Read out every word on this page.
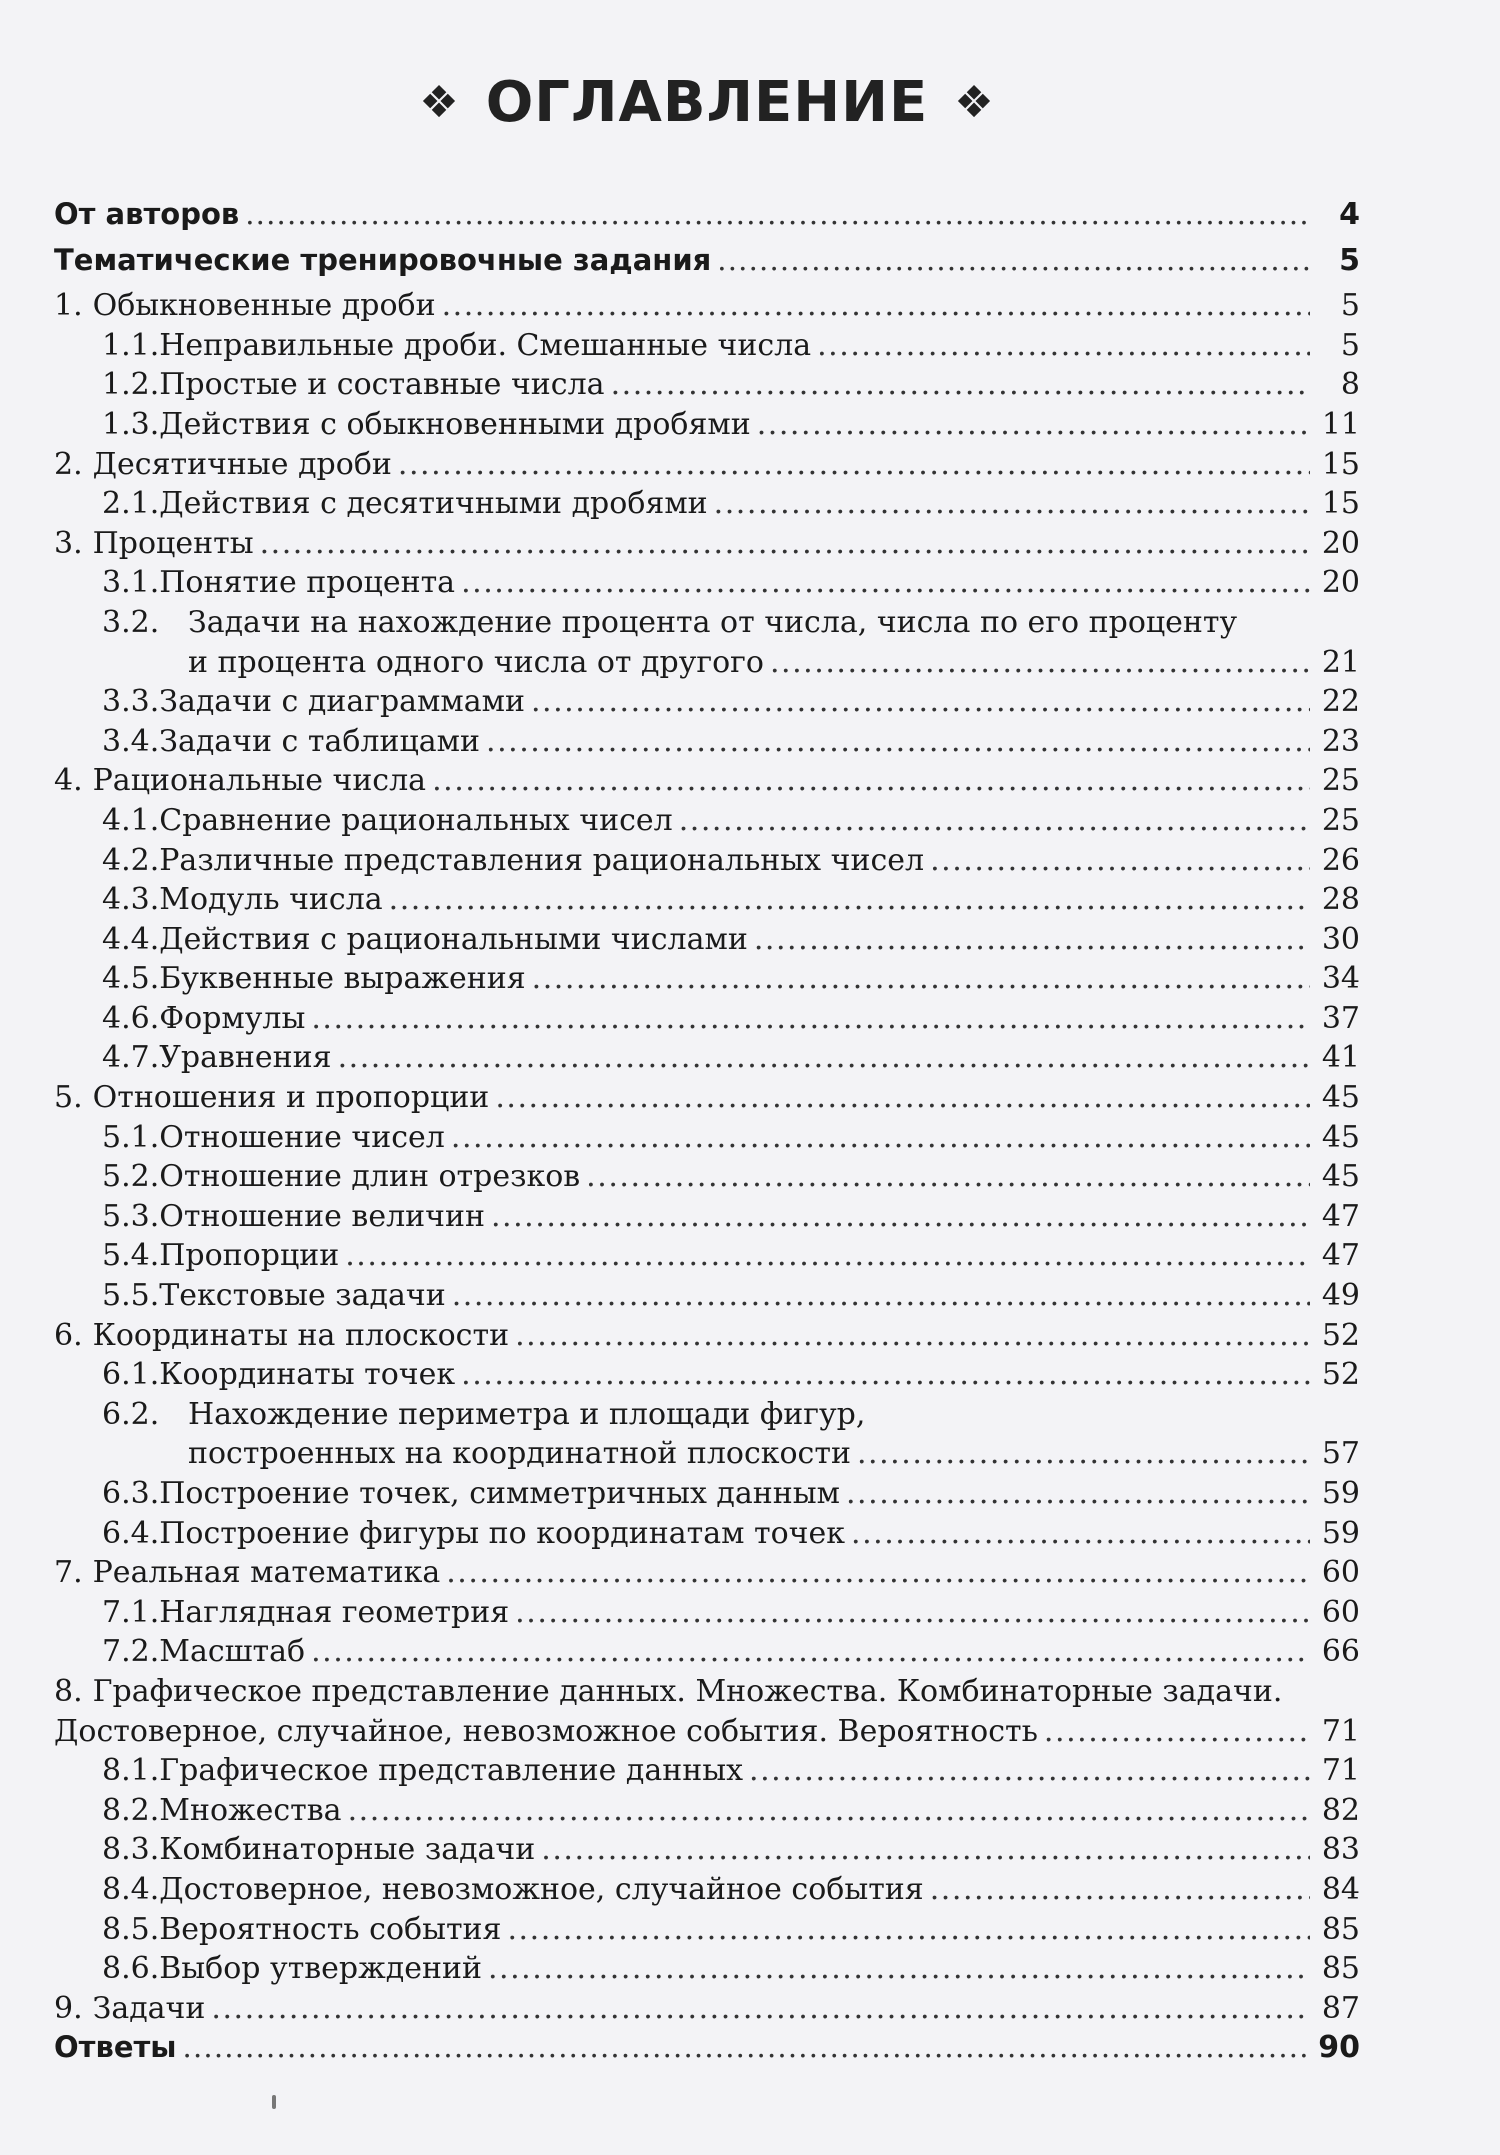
❖ ОГЛАВЛЕНИЕ ❖
От авторов . . .	4
Тематические тренировочные задания . . .	5
1. Обыкновенные дроби . . .	5
1.1. Неправильные дроби. Смешанные числа . . .	5
1.2. Простые и составные числа . . .	8
1.3. Действия с обыкновенными дробями . . .	11
2. Десятичные дроби . . .	15
2.1. Действия с десятичными дробями . . .	15
3. Проценты . . .	20
3.1. Понятие процента . . .	20
3.2. Задачи на нахождение процента от числа, числа по его проценту
и процента одного числа от другого . . .	21
3.3. Задачи с диаграммами . . .	22
3.4. Задачи с таблицами . . .	23
4. Рациональные числа . . .	25
4.1. Сравнение рациональных чисел . . .	25
4.2. Различные представления рациональных чисел . . .	26
4.3. Модуль числа . . .	28
4.4. Действия с рациональными числами . . .	30
4.5. Буквенные выражения . . .	34
4.6. Формулы . . .	37
4.7. Уравнения . . .	41
5. Отношения и пропорции . . .	45
5.1. Отношение чисел . . .	45
5.2. Отношение длин отрезков . . .	45
5.3. Отношение величин . . .	47
5.4. Пропорции . . .	47
5.5. Текстовые задачи . . .	49
6. Координаты на плоскости . . .	52
6.1. Координаты точек . . .	52
6.2. Нахождение периметра и площади фигур,
построенных на координатной плоскости . . .	57
6.3. Построение точек, симметричных данным . . .	59
6.4. Построение фигуры по координатам точек . . .	59
7. Реальная математика . . .	60
7.1. Наглядная геометрия . . .	60
7.2. Масштаб . . .	66
8. Графическое представление данных. Множества. Комбинаторные задачи.
Достоверное, случайное, невозможное события. Вероятность . . .	71
8.1. Графическое представление данных . . .	71
8.2. Множества . . .	82
8.3. Комбинаторные задачи . . .	83
8.4. Достоверное, невозможное, случайное события . . .	84
8.5. Вероятность события . . .	85
8.6. Выбор утверждений . . .	85
9. Задачи . . .	87
Ответы . . .	90
